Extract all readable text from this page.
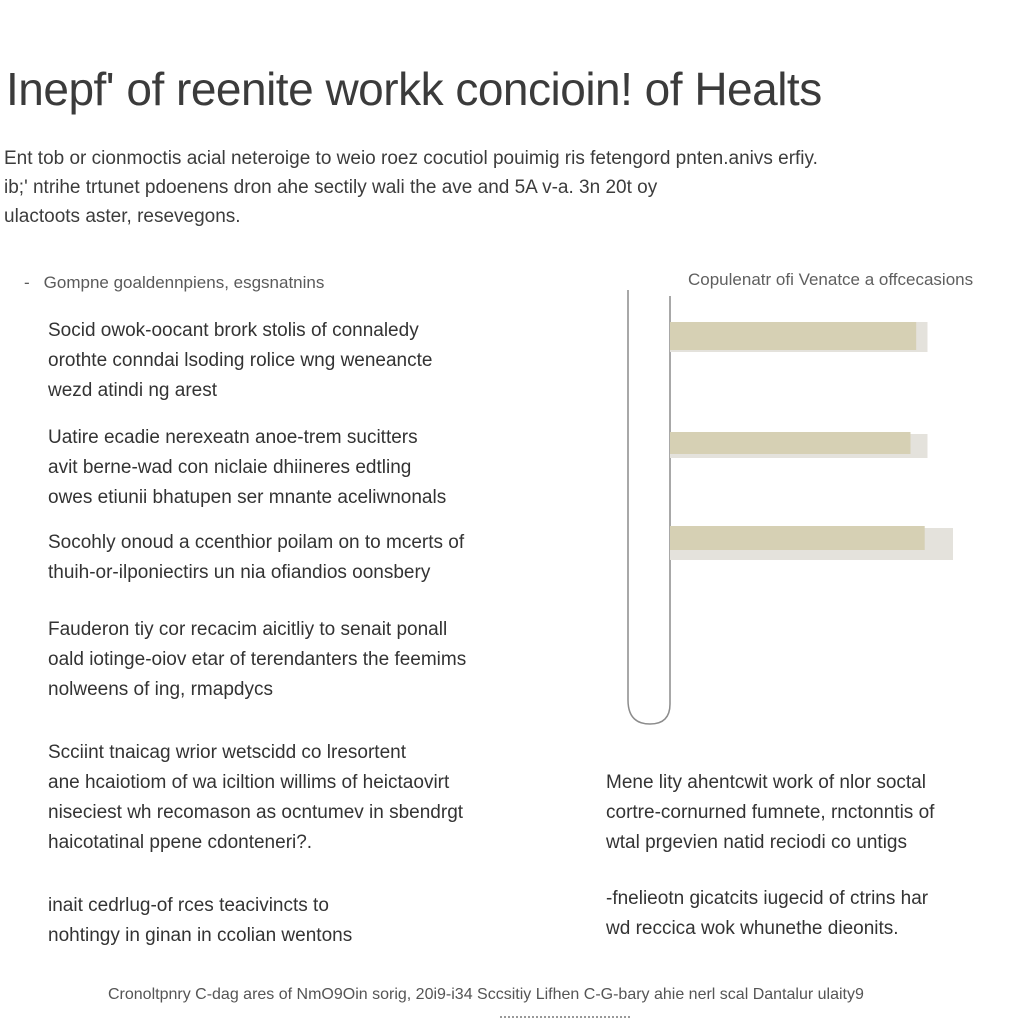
Inepf' of reenite workk concioin! of Healts
Ent tob or cionmoctis acial neteroige to weio roez cocutiol pouimig ris fetengord pnten.anivs erfiy.
ib;' ntrihe trtunet pdoenens dron ahe sectily wali the ave and 5A v-a. 3n 20t oy
ulactoots aster, resevegons.
- Gompne goaldennpiens, esgsnatnins
Socid owok-oocant brork stolis of connaledy
orothte conndai lsoding rolice wng weneancte
wezd atindi ng arest
Uatire ecadie nerexeatn anoe-trem sucitters
avit berne-wad con niclaie dhiineres edtling
owes etiunii bhatupen ser mnante aceliwnonals
Socohly onoud a ccenthior poilam on to mcerts of
thuih-or-ilponiectirs un nia ofiandios oonsbery
Fauderon tiy cor recacim aicitliy to senait ponall
oald iotinge-oiov etar of terendanters the feemims
nolweens of ing, rmapdycs
Scciint tnaicag wrior wetscidd co lresortent
ane hcaiotiom of wa iciltion willims of heictaovirt
niseciest wh recomason as ocntumev in sbendrgt
haicotatinal ppene cdonteneri?.
inait cedrlug-of rces teacivincts to
nohtingy in ginan in ccolian wentons
Copulenatr ofi Venatce a offcecasions
Mene lity ahentcwit work of nlor soctal
cortre-cornurned fumnete, rnctonntis of
wtal prgevien natid reciodi co untigs
-fnelieotn gicatcits iugecid of ctrins har
wd reccica wok whunethe dieonits.
Cronoltpnry C-dag ares of NmO9Oin sorig, 20i9-i34 Sccsitiy Lifhen C-G-bary ahie nerl scal Dantalur ulaity9
